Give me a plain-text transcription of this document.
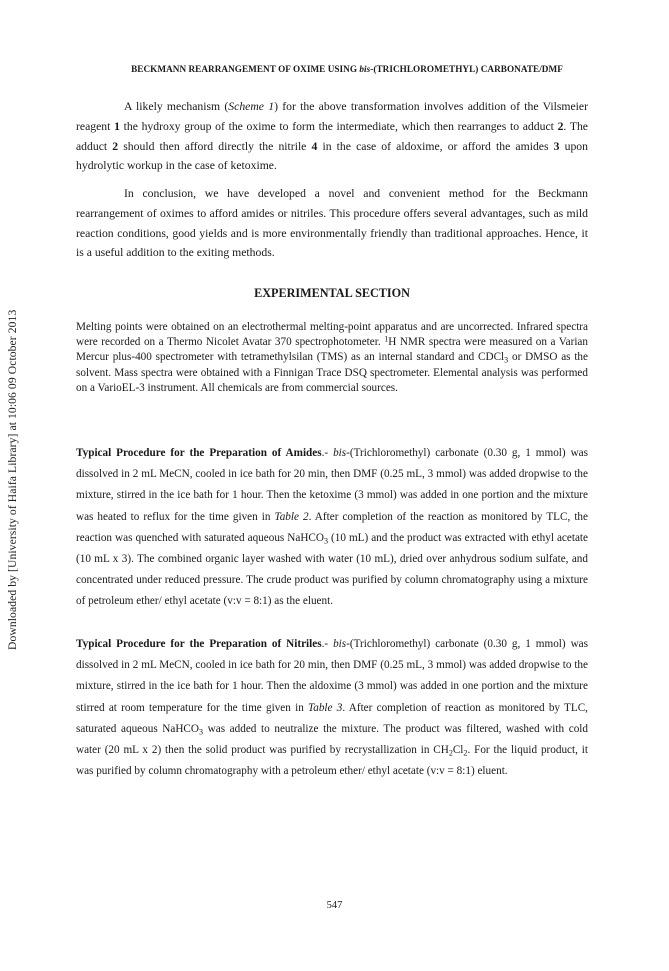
Downloaded by [University of Haifa Library] at 10:06 09 October 2013
BECKMANN REARRANGEMENT OF OXIME USING bis-(TRICHLOROMETHYL) CARBONATE/DMF
A likely mechanism (Scheme 1) for the above transformation involves addition of the Vilsmeier reagent 1 the hydroxy group of the oxime to form the intermediate, which then rearranges to adduct 2. The adduct 2 should then afford directly the nitrile 4 in the case of aldoxime, or afford the amides 3 upon hydrolytic workup in the case of ketoxime.
In conclusion, we have developed a novel and convenient method for the Beckmann rearrangement of oximes to afford amides or nitriles. This procedure offers several advantages, such as mild reaction conditions, good yields and is more environmentally friendly than traditional approaches. Hence, it is a useful addition to the exiting methods.
EXPERIMENTAL SECTION
Melting points were obtained on an electrothermal melting-point apparatus and are uncorrected. Infrared spectra were recorded on a Thermo Nicolet Avatar 370 spectrophotometer. $^1$H NMR spectra were measured on a Varian Mercur plus-400 spectrometer with tetramethylsilan (TMS) as an internal standard and CDCl$_3$ or DMSO as the solvent. Mass spectra were obtained with a Finnigan Trace DSQ spectrometer. Elemental analysis was performed on a VarioEL-3 instrument. All chemicals are from commercial sources.
Typical Procedure for the Preparation of Amides.- bis-(Trichloromethyl) carbonate (0.30 g, 1 mmol) was dissolved in 2 mL MeCN, cooled in ice bath for 20 min, then DMF (0.25 mL, 3 mmol) was added dropwise to the mixture, stirred in the ice bath for 1 hour. Then the ketoxime (3 mmol) was added in one portion and the mixture was heated to reflux for the time given in Table 2. After completion of the reaction as monitored by TLC, the reaction was quenched with saturated aqueous NaHCO$_3$ (10 mL) and the product was extracted with ethyl acetate (10 mL x 3). The combined organic layer washed with water (10 mL), dried over anhydrous sodium sulfate, and concentrated under reduced pressure. The crude product was purified by column chromatography using a mixture of petroleum ether/ ethyl acetate (v:v = 8:1) as the eluent.
Typical Procedure for the Preparation of Nitriles.- bis-(Trichloromethyl) carbonate (0.30 g, 1 mmol) was dissolved in 2 mL MeCN, cooled in ice bath for 20 min, then DMF (0.25 mL, 3 mmol) was added dropwise to the mixture, stirred in the ice bath for 1 hour. Then the aldoxime (3 mmol) was added in one portion and the mixture stirred at room temperature for the time given in Table 3. After completion of reaction as monitored by TLC, saturated aqueous NaHCO$_3$ was added to neutralize the mixture. The product was filtered, washed with cold water (20 mL x 2) then the solid product was purified by recrystallization in $CH_2Cl_2$. For the liquid product, it was purified by column chromatography with a petroleum ether/ ethyl acetate (v:v = 8:1) eluent.
547
